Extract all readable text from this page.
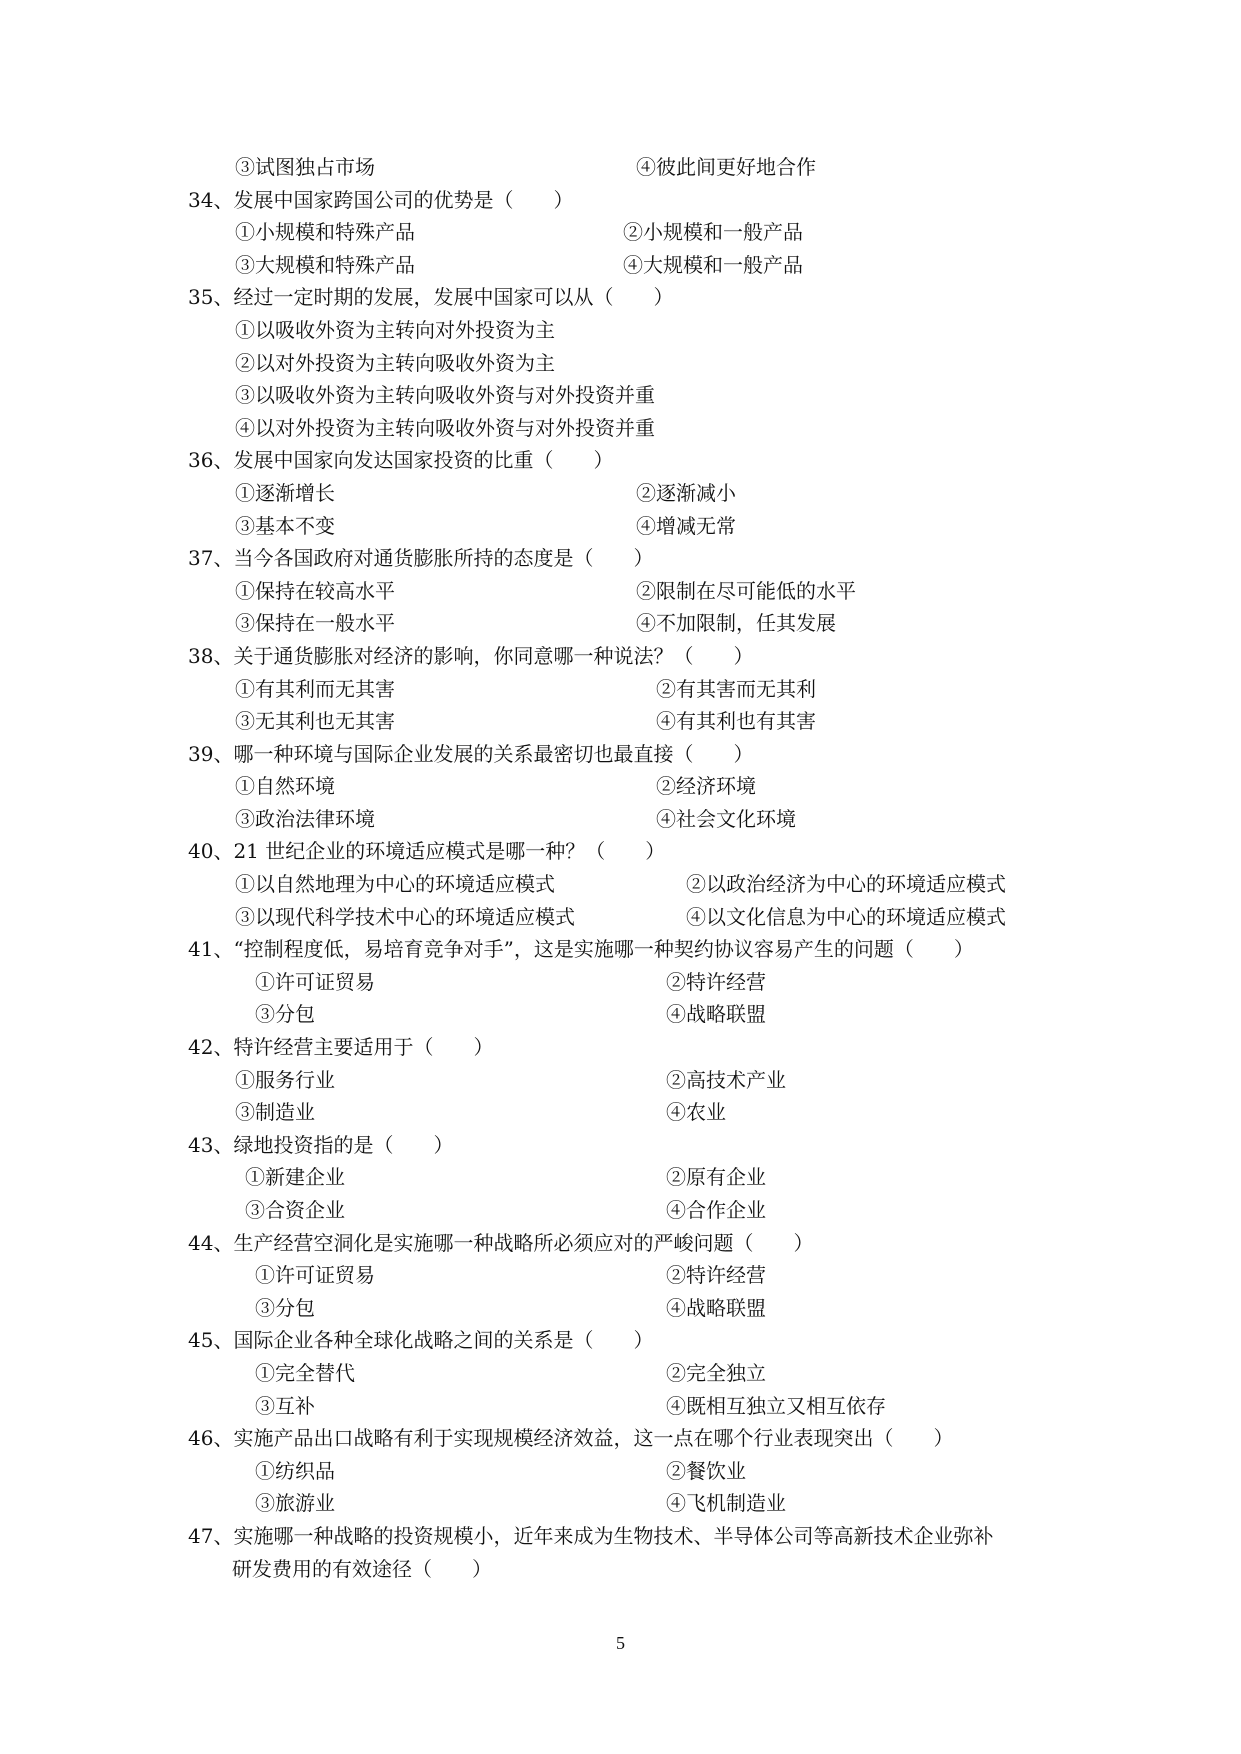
③试图独占市场	④彼此间更好地合作
34、发展中国家跨国公司的优势是（　　）
①小规模和特殊产品	②小规模和一般产品
③大规模和特殊产品	④大规模和一般产品
35、经过一定时期的发展，发展中国家可以从（　　）
①以吸收外资为主转向对外投资为主
②以对外投资为主转向吸收外资为主
③以吸收外资为主转向吸收外资与对外投资并重
④以对外投资为主转向吸收外资与对外投资并重
36、发展中国家向发达国家投资的比重（　　）
①逐渐增长	②逐渐减小
③基本不变	④增减无常
37、当今各国政府对通货膨胀所持的态度是（　　）
①保持在较高水平	②限制在尽可能低的水平
③保持在一般水平	④不加限制，任其发展
38、关于通货膨胀对经济的影响，你同意哪一种说法？（　　）
①有其利而无其害	②有其害而无其利
③无其利也无其害	④有其利也有其害
39、哪一种环境与国际企业发展的关系最密切也最直接（　　）
①自然环境	②经济环境
③政治法律环境	④社会文化环境
40、21 世纪企业的环境适应模式是哪一种？（　　）
①以自然地理为中心的环境适应模式	②以政治经济为中心的环境适应模式
③以现代科学技术中心的环境适应模式	④以文化信息为中心的环境适应模式
41、“控制程度低，易培育竞争对手”，这是实施哪一种契约协议容易产生的问题（　　）
①许可证贸易	②特许经营
③分包	④战略联盟
42、特许经营主要适用于（　　）
①服务行业	②高技术产业
③制造业	④农业
43、绿地投资指的是（　　）
①新建企业	②原有企业
③合资企业	④合作企业
44、生产经营空洞化是实施哪一种战略所必须应对的严峻问题（　　）
①许可证贸易	②特许经营
③分包	④战略联盟
45、国际企业各种全球化战略之间的关系是（　　）
①完全替代	②完全独立
③互补	④既相互独立又相互依存
46、实施产品出口战略有利于实现规模经济效益，这一点在哪个行业表现突出（　　）
①纺织品	②餐饮业
③旅游业	④飞机制造业
47、实施哪一种战略的投资规模小，近年来成为生物技术、半导体公司等高新技术企业弥补
研发费用的有效途径（　　）
5
